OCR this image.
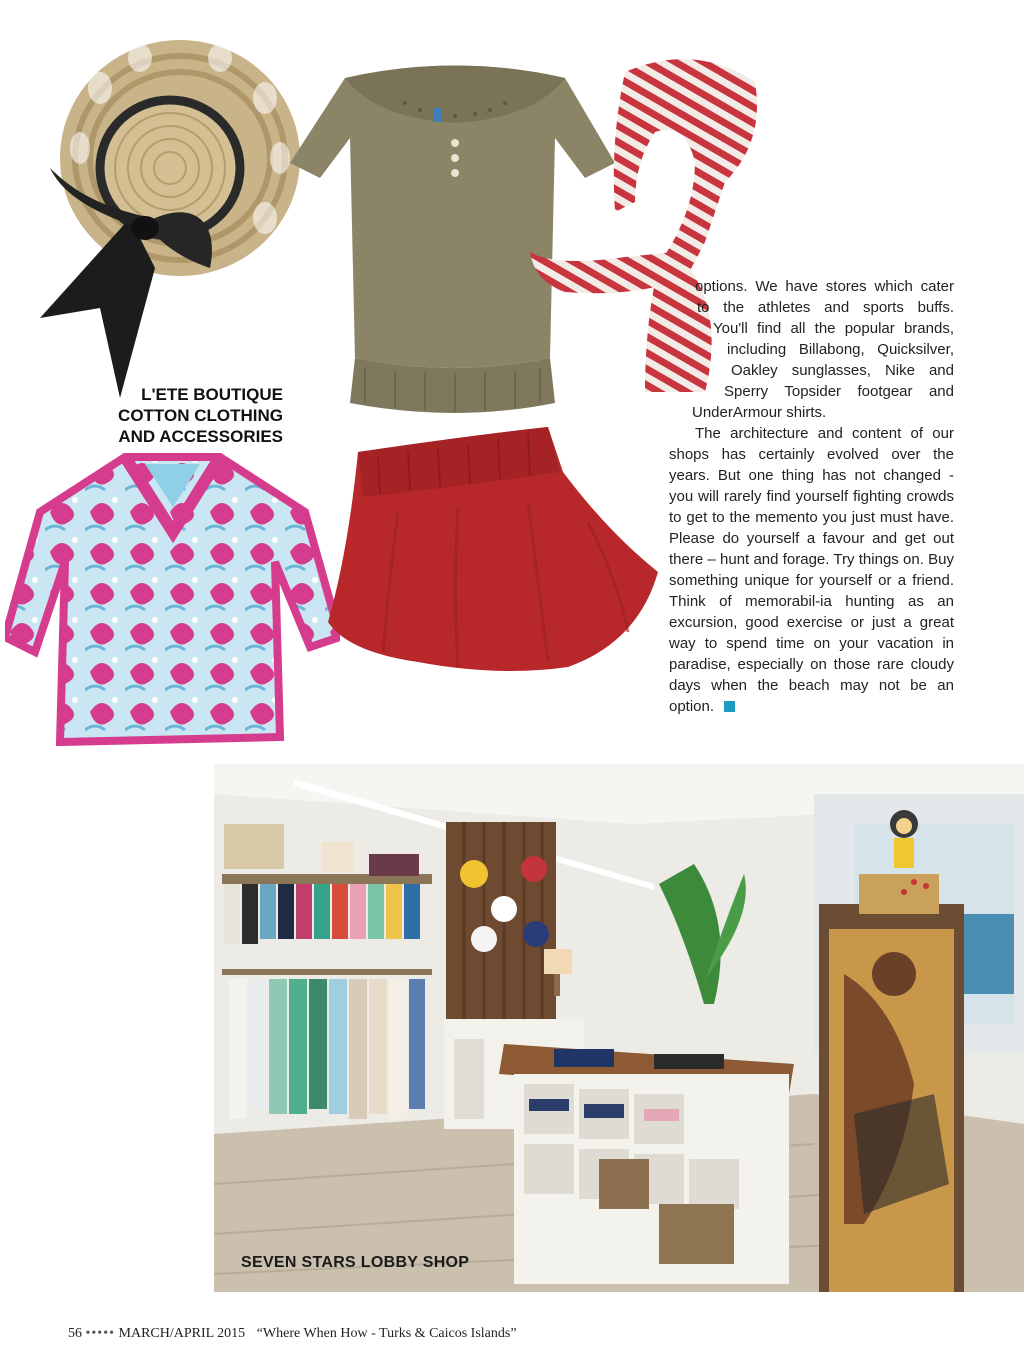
L'ETE BOUTIQUE
COTTON CLOTHING
AND ACCESSORIES
options. We have stores which cater
to the athletes and sports buffs.
You'll find all the popular brands,
including Billabong, Quicksilver,
Oakley sunglasses, Nike and
Sperry Topsider footgear and
UnderArmour shirts.

The architecture and content of our shops has certainly evolved over the years. But one thing has not changed - you will rarely find yourself fighting crowds to get to the memento you just must have. Please do yourself a favour and get out there – hunt and forage. Try things on. Buy something unique for yourself or a friend. Think of memorabil-ia hunting as an excursion, good exercise or just a great way to spend time on your vacation in paradise, especially on those rare cloudy days when the beach may not be an option.

SEVEN STARS LOBBY SHOP
56 ••••• MARCH/APRIL 2015 “Where When How - Turks & Caicos Islands”
